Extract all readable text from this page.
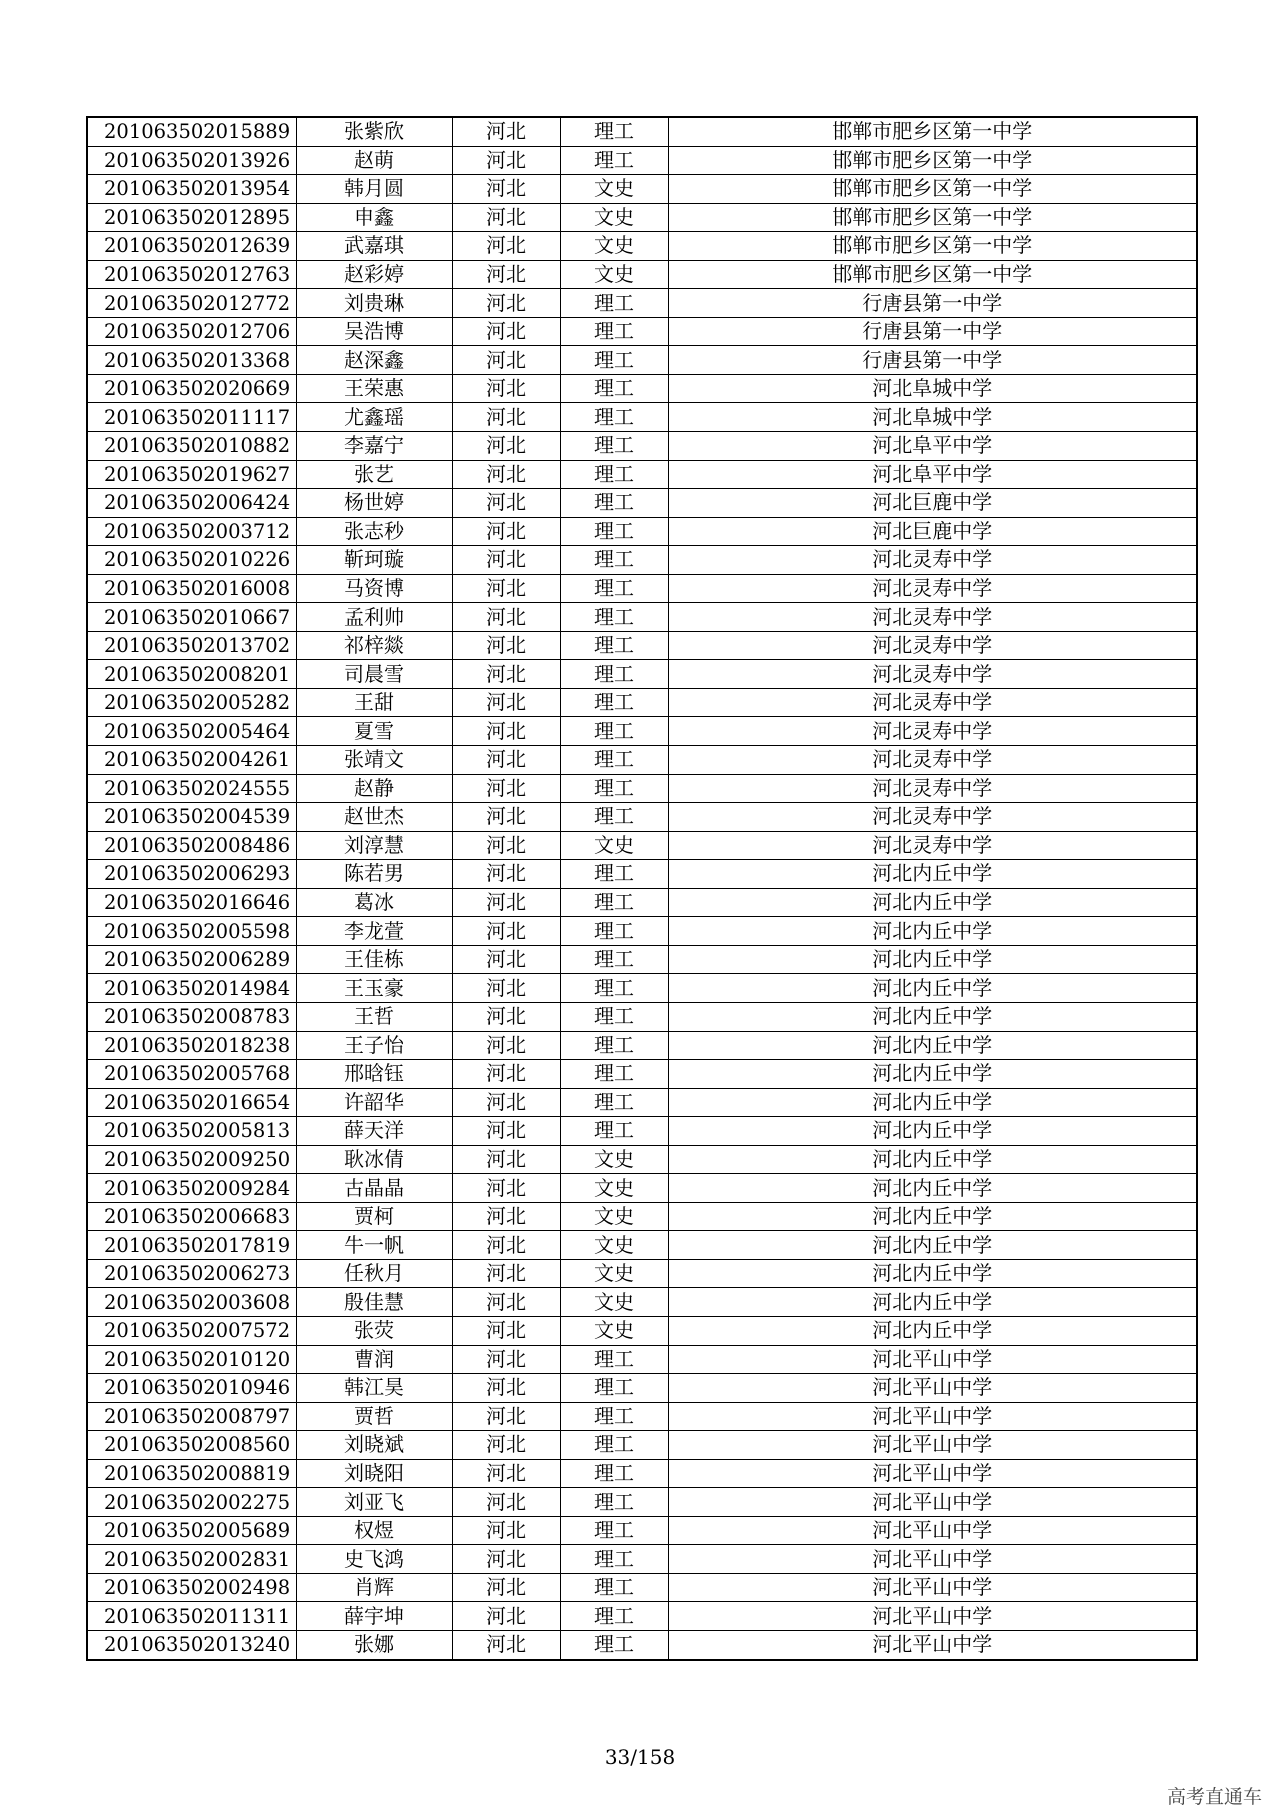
201063502015889	张紫欣	河北	理工	邯郸市肥乡区第一中学
201063502013926	赵萌	河北	理工	邯郸市肥乡区第一中学
201063502013954	韩月圆	河北	文史	邯郸市肥乡区第一中学
201063502012895	申鑫	河北	文史	邯郸市肥乡区第一中学
201063502012639	武嘉琪	河北	文史	邯郸市肥乡区第一中学
201063502012763	赵彩婷	河北	文史	邯郸市肥乡区第一中学
201063502012772	刘贵琳	河北	理工	行唐县第一中学
201063502012706	吴浩博	河北	理工	行唐县第一中学
201063502013368	赵深鑫	河北	理工	行唐县第一中学
201063502020669	王荣惠	河北	理工	河北阜城中学
201063502011117	尤鑫瑶	河北	理工	河北阜城中学
201063502010882	李嘉宁	河北	理工	河北阜平中学
201063502019627	张艺	河北	理工	河北阜平中学
201063502006424	杨世婷	河北	理工	河北巨鹿中学
201063502003712	张志秒	河北	理工	河北巨鹿中学
201063502010226	靳珂璇	河北	理工	河北灵寿中学
201063502016008	马资博	河北	理工	河北灵寿中学
201063502010667	孟利帅	河北	理工	河北灵寿中学
201063502013702	祁梓燚	河北	理工	河北灵寿中学
201063502008201	司晨雪	河北	理工	河北灵寿中学
201063502005282	王甜	河北	理工	河北灵寿中学
201063502005464	夏雪	河北	理工	河北灵寿中学
201063502004261	张靖文	河北	理工	河北灵寿中学
201063502024555	赵静	河北	理工	河北灵寿中学
201063502004539	赵世杰	河北	理工	河北灵寿中学
201063502008486	刘淳慧	河北	文史	河北灵寿中学
201063502006293	陈若男	河北	理工	河北内丘中学
201063502016646	葛冰	河北	理工	河北内丘中学
201063502005598	李龙萱	河北	理工	河北内丘中学
201063502006289	王佳栋	河北	理工	河北内丘中学
201063502014984	王玉豪	河北	理工	河北内丘中学
201063502008783	王哲	河北	理工	河北内丘中学
201063502018238	王子怡	河北	理工	河北内丘中学
201063502005768	邢晗钰	河北	理工	河北内丘中学
201063502016654	许韶华	河北	理工	河北内丘中学
201063502005813	薛天洋	河北	理工	河北内丘中学
201063502009250	耿冰倩	河北	文史	河北内丘中学
201063502009284	古晶晶	河北	文史	河北内丘中学
201063502006683	贾柯	河北	文史	河北内丘中学
201063502017819	牛一帆	河北	文史	河北内丘中学
201063502006273	任秋月	河北	文史	河北内丘中学
201063502003608	殷佳慧	河北	文史	河北内丘中学
201063502007572	张荧	河北	文史	河北内丘中学
201063502010120	曹润	河北	理工	河北平山中学
201063502010946	韩江昊	河北	理工	河北平山中学
201063502008797	贾哲	河北	理工	河北平山中学
201063502008560	刘晓斌	河北	理工	河北平山中学
201063502008819	刘晓阳	河北	理工	河北平山中学
201063502002275	刘亚飞	河北	理工	河北平山中学
201063502005689	权煜	河北	理工	河北平山中学
201063502002831	史飞鸿	河北	理工	河北平山中学
201063502002498	肖辉	河北	理工	河北平山中学
201063502011311	薛宇坤	河北	理工	河北平山中学
201063502013240	张娜	河北	理工	河北平山中学
33/158
高考直通车
